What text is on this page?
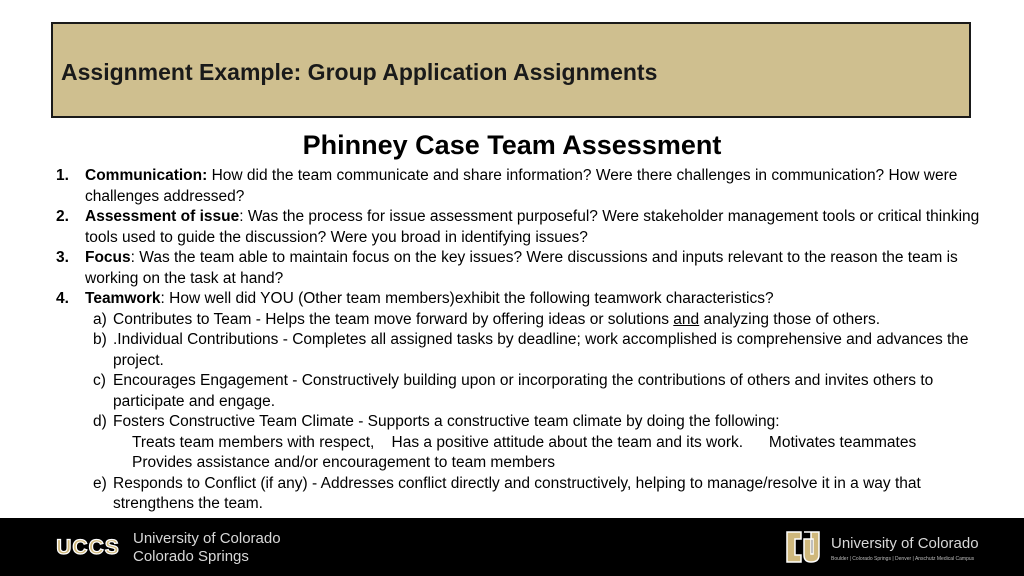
Assignment Example: Group Application Assignments
Phinney Case Team Assessment
1. Communication: How did the team communicate and share information? Were there challenges in communication? How were challenges addressed?
2. Assessment of issue: Was the process for issue assessment purposeful? Were stakeholder management tools or critical thinking tools used to guide the discussion? Were you broad in identifying issues?
3. Focus: Was the team able to maintain focus on the key issues? Were discussions and inputs relevant to the reason the team is working on the task at hand?
4. Teamwork: How well did YOU (Other team members)exhibit the following teamwork characteristics?
a) Contributes to Team - Helps the team move forward by offering ideas or solutions and analyzing those of others.
b) .Individual Contributions - Completes all assigned tasks by deadline; work accomplished is comprehensive and advances the project.
c) Encourages Engagement - Constructively building upon or incorporating the contributions of others and invites others to participate and engage.
d) Fosters Constructive Team Climate - Supports a constructive team climate by doing the following:
Treats team members with respect,    Has a positive attitude about the team and its work.      Motivates teammates    Provides assistance and/or encouragement to team members
e) Responds to Conflict (if any) - Addresses conflict directly and constructively, helping to manage/resolve it in a way that strengthens the team.
UCCS University of Colorado
Colorado Springs
University of Colorado
Boulder | Colorado Springs | Denver | Anschutz Medical Campus
